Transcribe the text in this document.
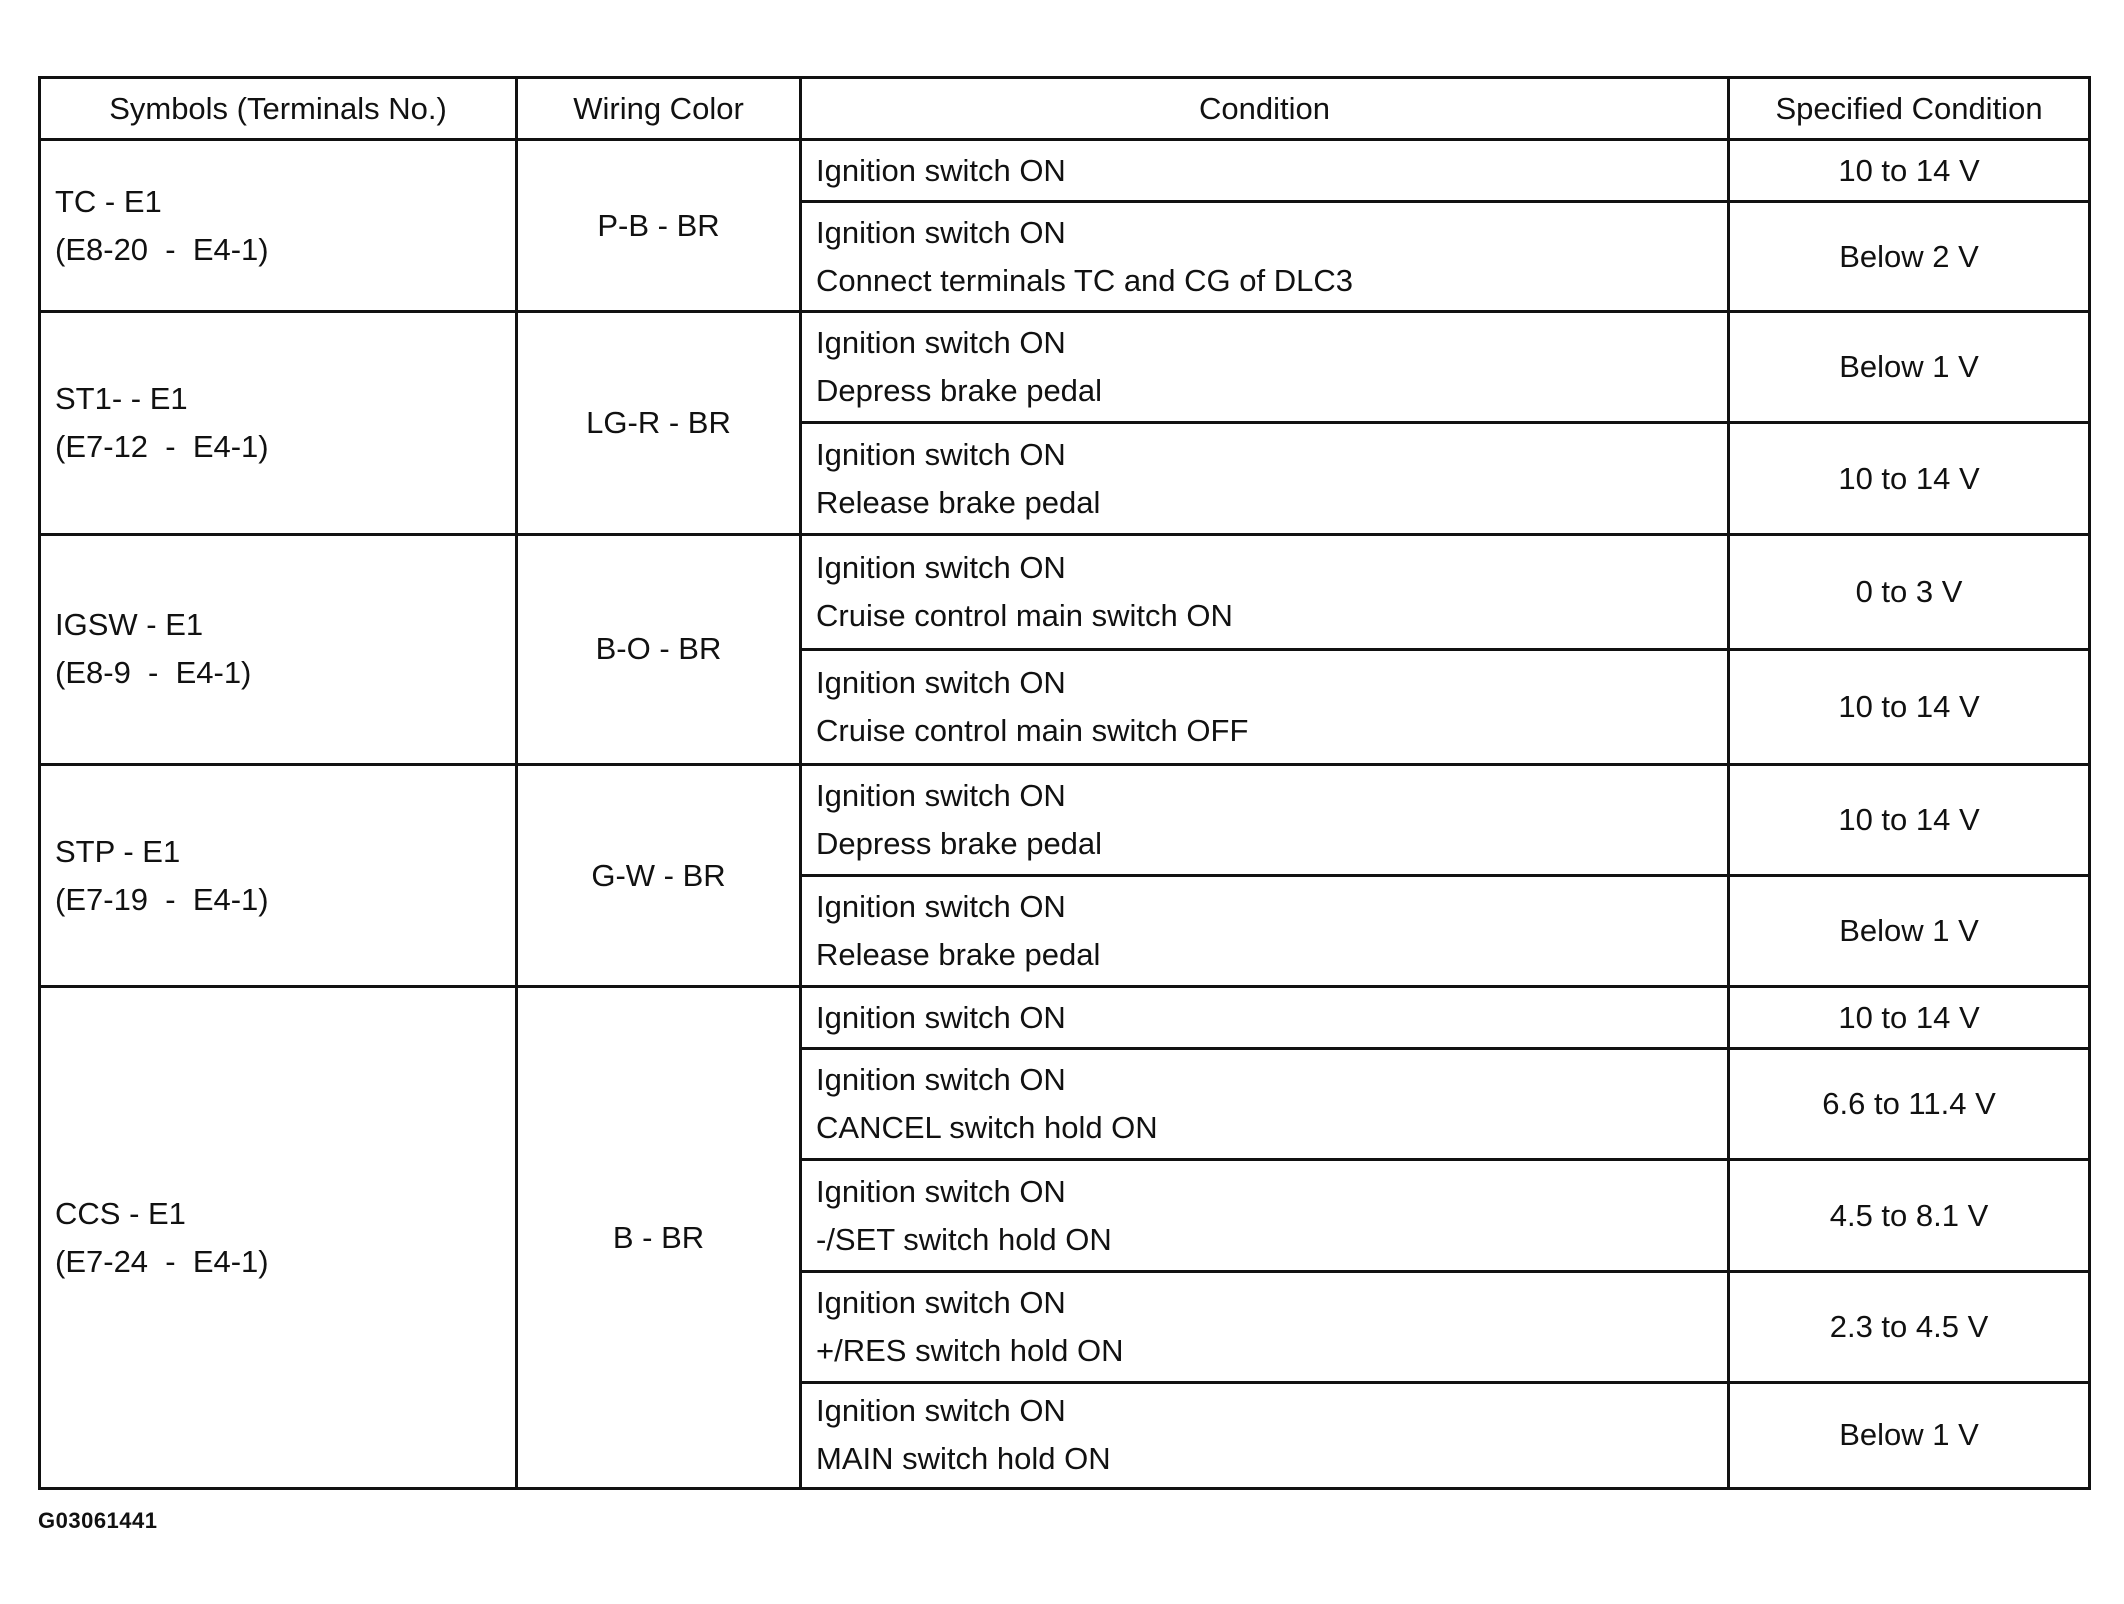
Symbols (Terminals No.)	Wiring Color	Condition	Specified Condition

TC - E1
(E8-20  -  E4-1)	P-B - BR	Ignition switch ON	10 to 14 V

		Ignition switch ON
Connect terminals TC and CG of DLC3	Below 2 V

ST1- - E1
(E7-12  -  E4-1)	LG-R - BR	Ignition switch ON
Depress brake pedal	Below 1 V

		Ignition switch ON
Release brake pedal	10 to 14 V

IGSW - E1
(E8-9  -  E4-1)	B-O - BR	Ignition switch ON
Cruise control main switch ON	0 to 3 V

		Ignition switch ON
Cruise control main switch OFF	10 to 14 V

STP - E1
(E7-19  -  E4-1)	G-W - BR	Ignition switch ON
Depress brake pedal	10 to 14 V

		Ignition switch ON
Release brake pedal	Below 1 V

CCS - E1
(E7-24  -  E4-1)	B - BR	Ignition switch ON	10 to 14 V

		Ignition switch ON
CANCEL switch hold ON	6.6 to 11.4 V

		Ignition switch ON
-/SET switch hold ON	4.5 to 8.1 V

		Ignition switch ON
+/RES switch hold ON	2.3 to 4.5 V

		Ignition switch ON
MAIN switch hold ON	Below 1 V
G03061441
